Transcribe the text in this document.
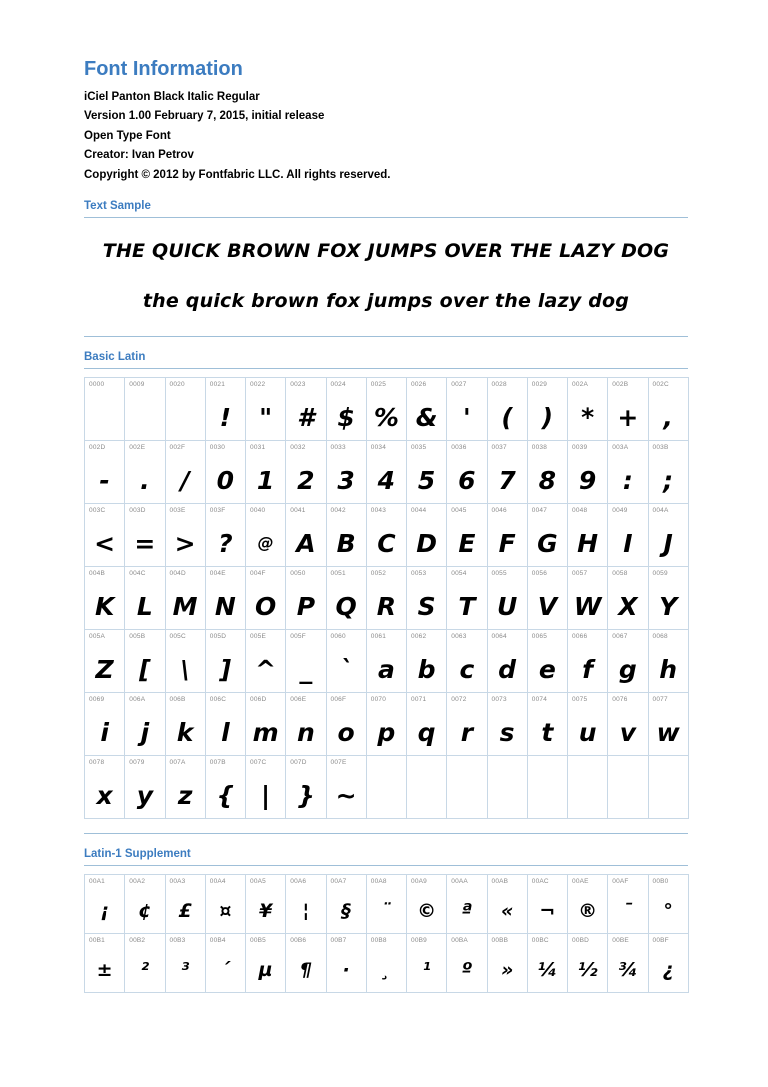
Font Information
iCiel Panton Black Italic Regular
Version 1.00 February 7, 2015, initial release
Open Type Font
Creator: Ivan Petrov
Copyright © 2012 by Fontfabric LLC. All rights reserved.
Text Sample
THE QUICK BROWN FOX JUMPS OVER THE LAZY DOG
the quick brown fox jumps over the lazy dog
Basic Latin
0000	0009	0020	0021
!	0022
"	0023
#	0024
$	0025
%	0026
&	0027
'	0028
(	0029
)	002A
*	002B
+	002C
,

002D
-	002E
.	002F
/	0030
0	0031
1	0032
2	0033
3	0034
4	0035
5	0036
6	0037
7	0038
8	0039
9	003A
:	003B
;

003C
<	003D
=	003E
>	003F
?	0040
@	0041
A	0042
B	0043
C	0044
D	0045
E	0046
F	0047
G	0048
H	0049
I	004A
J

004B
K	004C
L	004D
M	004E
N	004F
O	0050
P	0051
Q	0052
R	0053
S	0054
T	0055
U	0056
V	0057
W	0058
X	0059
Y

005A
Z	005B
[	005C
\	005D
]	005E
^	005F
_	0060
`	0061
a	0062
b	0063
c	0064
d	0065
e	0066
f	0067
g	0068
h

0069
i	006A
j	006B
k	006C
l	006D
m	006E
n	006F
o	0070
p	0071
q	0072
r	0073
s	0074
t	0075
u	0076
v	0077
w

0078
x	0079
y	007A
z	007B
{	007C
|	007D
}	007E
~								

Latin-1 Supplement
00A1
¡	00A2
¢	00A3
£	00A4
¤	00A5
¥	00A6
¦	00A7
§	00A8
¨	00A9
©	00AA
ª	00AB
«	00AC
¬	00AE
®	00AF
¯	00B0
°

00B1
±	00B2
²	00B3
³	00B4
´	00B5
µ	00B6
¶	00B7
·	00B8
¸	00B9
¹	00BA
º	00BB
»	00BC
¼	00BD
½	00BE
¾	00BF
¿
